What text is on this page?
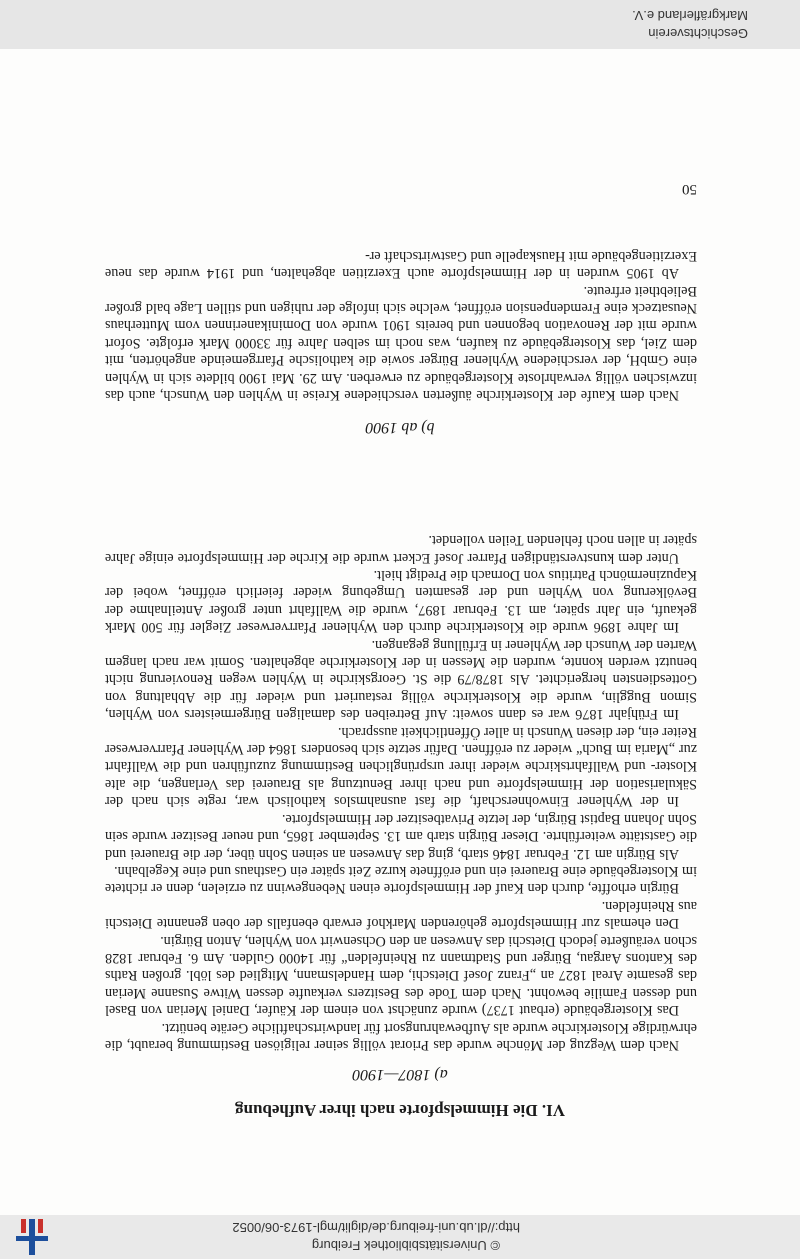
© Universitätsbibliothek Freiburg
http://dl.ub.uni-freiburg.de/diglit/mgl-1973-06/0052
VI. Die Himmelspforte nach ihrer Aufhebung
a) 1807—1900

Nach dem Wegzug der Mönche wurde das Priorat völlig seiner religiösen Bestimmung beraubt, die ehrwürdige Klosterkirche wurde als Aufbewahrungsort für landwirtschaftliche Geräte benützt.

Das Klostergebäude (erbaut 1737) wurde zunächst von einem der Käufer, Daniel Merian von Basel und dessen Familie bewohnt. Nach dem Tode des Besitzers verkaufte dessen Witwe Susanne Merian das gesamte Areal 1827 an „Franz Josef Dietschi, dem Handelsmann, Mitglied des löbl. großen Raths des Kantons Aargau, Bürger und Stadtmann zu Rheinfelden“ für 14000 Gulden. Am 6. Februar 1828 schon veräußerte jedoch Dietschi das Anwesen an den Ochsenwirt von Wyhlen, Anton Bürgin.

Den ehemals zur Himmelspforte gehörenden Markhof erwarb ebenfalls der oben genannte Dietschi aus Rheinfelden.

Bürgin erhoffte, durch den Kauf der Himmelspforte einen Nebengewinn zu erzielen, denn er richtete im Klostergebäude eine Brauerei ein und eröffnete kurze Zeit später ein Gasthaus und eine Kegelbahn.

Als Bürgin am 12. Februar 1846 starb, ging das Anwesen an seinen Sohn über, der die Brauerei und die Gaststätte weiterführte. Dieser Bürgin starb am 13. September 1865, und neuer Besitzer wurde sein Sohn Johann Baptist Bürgin, der letzte Privatbesitzer der Himmelspforte.

In der Wyhlener Einwohnerschaft, die fast ausnahmslos katholisch war, regte sich nach der Säkularisation der Himmelspforte und nach ihrer Benutzung als Brauerei das Verlangen, die alte Kloster- und Wallfahrtskirche wieder ihrer ursprünglichen Bestimmung zuzuführen und die Wallfahrt zur „Maria im Buch“ wieder zu eröffnen. Dafür setzte sich besonders 1864 der Wyhlener Pfarrverweser Reiter ein, der diesen Wunsch in aller Öffentlichkeit aussprach.

Im Frühjahr 1876 war es dann soweit: Auf Betreiben des damaligen Bürgermeisters von Wyhlen, Simon Bugglin, wurde die Klosterkirche völlig restauriert und wieder für die Abhaltung von Gottesdiensten hergerichtet. Als 1878/79 die St. Georgskirche in Wyhlen wegen Renovierung nicht benutzt werden konnte, wurden die Messen in der Klosterkirche abgehalten. Somit war nach langem Warten der Wunsch der Wyhlener in Erfüllung gegangen.

Im Jahre 1896 wurde die Klosterkirche durch den Wyhlener Pfarrverweser Ziegler für 500 Mark gekauft, ein Jahr später, am 13. Februar 1897, wurde die Wallfahrt unter großer Anteilnahme der Bevölkerung von Wyhlen und der gesamten Umgebung wieder feierlich eröffnet, wobei der Kapuzinermönch Patritius von Dornach die Predigt hielt.

Unter dem kunstverständigen Pfarrer Josef Eckert wurde die Kirche der Himmelspforte einige Jahre später in allen noch fehlenden Teilen vollendet.

b) ab 1900

Nach dem Kaufe der Klosterkirche äußerten verschiedene Kreise in Wyhlen den Wunsch, auch das inzwischen völlig verwahrloste Klostergebäude zu erwerben. Am 29. Mai 1900 bildete sich in Wyhlen eine GmbH, der verschiedene Wyhlener Bürger sowie die katholische Pfarrgemeinde angehörten, mit dem Ziel, das Klostergebäude zu kaufen, was noch im selben Jahre für 33000 Mark erfolgte. Sofort wurde mit der Renovation begonnen und bereits 1901 wurde von Dominikanerinnen vom Mutterhaus Neusatzeck eine Fremdenpension eröffnet, welche sich infolge der ruhigen und stillen Lage bald großer Beliebtheit erfreute.

Ab 1905 wurden in der Himmelspforte auch Exerzitien abgehalten, und 1914 wurde das neue Exerzitiengebäude mit Hauskapelle und Gastwirtschaft er-

50
Geschichtsverein
Markgräflerland e.V.
